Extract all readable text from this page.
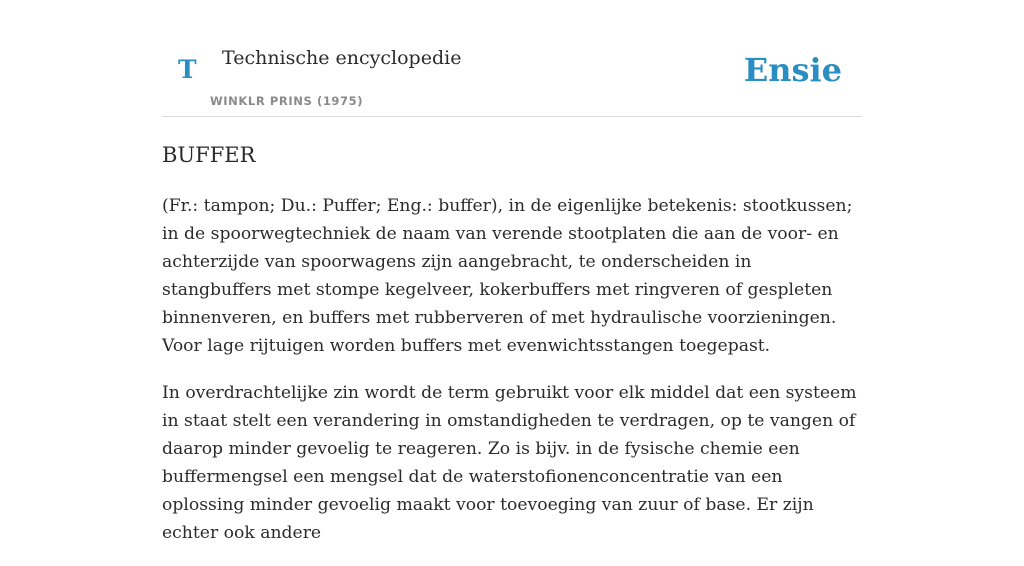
T Technische encyclopedie
WINKLR PRINS (1975)
Ensie
BUFFER

(Fr.: tampon; Du.: Puffer; Eng.: buffer), in de eigenlijke betekenis: stootkussen; in de spoorwegtechniek de naam van verende stootplaten die aan de voor- en achterzijde van spoorwagens zijn aangebracht, te onderscheiden in stangbuffers met stompe kegelveer, kokerbuffers met ringveren of gespleten binnenveren, en buffers met rubberveren of met hydraulische voorzieningen. Voor lage rijtuigen worden buffers met evenwichtsstangen toegepast.

In overdrachtelijke zin wordt de term gebruikt voor elk middel dat een systeem in staat stelt een verandering in omstandigheden te verdragen, op te vangen of daarop minder gevoelig te reageren. Zo is bijv. in de fysische chemie een buffermengsel een mengsel dat de waterstofionenconcentratie van een oplossing minder gevoelig maakt voor toevoeging van zuur of base. Er zijn echter ook andere
